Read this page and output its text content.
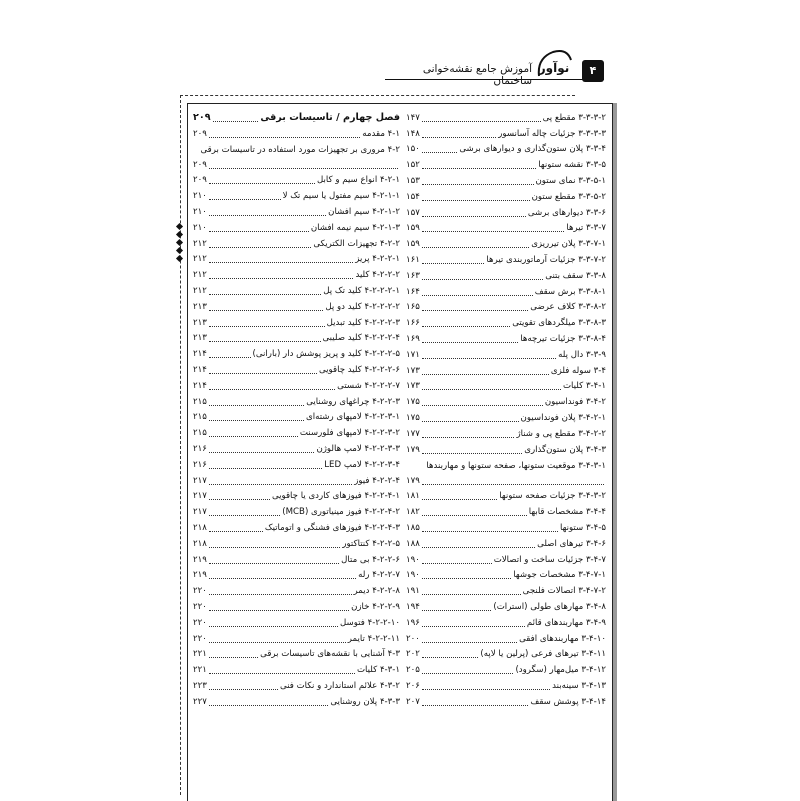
آموزش جامع نقشه‌خوانی ساختمان
نوآور	۴
۳-۳-۳-۲ مقطع پی
۱۴۷
۳-۳-۳-۳ جزئیات چاله آسانسور
۱۴۸
۳-۳-۴ پلان ستون‌گذاری و دیوارهای برشی
۱۵۰
۳-۳-۵ نقشه ستونها
۱۵۲
۳-۳-۵-۱ نمای ستون
۱۵۳
۳-۳-۵-۲ مقطع ستون
۱۵۴
۳-۳-۶ دیوارهای برشی
۱۵۷
۳-۳-۷ تیرها
۱۵۹
۳-۳-۷-۱ پلان تیرریزی
۱۵۹
۳-۳-۷-۲ جزئیات آرماتوربندی تیرها
۱۶۱
۳-۳-۸ سقف بتنی
۱۶۳
۳-۳-۸-۱ برش سقف
۱۶۴
۳-۳-۸-۲ کلاف عرضی
۱۶۵
۳-۳-۸-۳ میلگردهای تقویتی
۱۶۶
۳-۳-۸-۴ جزئیات تیرچه‌ها
۱۶۹
۳-۳-۹ دال پله
۱۷۱
۳-۴ سوله فلزی
۱۷۳
۳-۴-۱ کلیات
۱۷۳
۳-۴-۲ فونداسیون
۱۷۵
۳-۴-۲-۱ پلان فونداسیون
۱۷۵
۳-۴-۲-۲ مقطع پی و شناژ
۱۷۷
۳-۴-۳ پلان ستون‌گذاری
۱۷۹
۳-۴-۳-۱ موقعیت ستونها، صفحه ستونها و مهاربندها
۱۷۹
۳-۴-۳-۲ جزئیات صفحه ستونها
۱۸۱
۳-۴-۴ مشخصات قابها
۱۸۲
۳-۴-۵ ستونها
۱۸۵
۳-۴-۶ تیرهای اصلی
۱۸۸
۳-۴-۷ جزئیات ساخت و اتصالات
۱۹۰
۳-۴-۷-۱ مشخصات جوشها
۱۹۰
۳-۴-۷-۲ اتصالات فلنجی
۱۹۱
۳-۴-۸ مهارهای طولی (استرات)
۱۹۴
۳-۴-۹ مهاربندهای قائم
۱۹۶
۳-۴-۱۰ مهاربندهای افقی
۲۰۰
۳-۴-۱۱ تیرهای فرعی (پرلین یا لاپه)
۲۰۲
۳-۴-۱۲ میل‌مهار (سگرود)
۲۰۵
۳-۴-۱۳ سینه‌بند
۲۰۶
۳-۴-۱۴ پوشش سقف
۲۰۷
فصل چهارم / تاسیسات برقی
۲۰۹
۴-۱ مقدمه
۲۰۹
۴-۲ مروری بر تجهیزات مورد استفاده در تاسیسات برقی
۲۰۹
۴-۲-۱ انواع سیم و کابل
۲۰۹
۴-۲-۱-۱ سیم مفتول یا سیم تک لا
۲۱۰
۴-۲-۱-۲ سیم افشان
۲۱۰
۴-۲-۱-۳ سیم نیمه افشان
۲۱۰
۴-۲-۲ تجهیزات الکتریکی
۲۱۲
۴-۲-۲-۱ پریز
۲۱۲
۴-۲-۲-۲ کلید
۲۱۲
۴-۲-۲-۲-۱ کلید تک پل
۲۱۲
۴-۲-۲-۲-۲ کلید دو پل
۲۱۳
۴-۲-۲-۲-۳ کلید تبدیل
۲۱۳
۴-۲-۲-۲-۴ کلید صلیبی
۲۱۳
۴-۲-۲-۲-۵ کلید و پریز پوشش دار (بارانی)
۲۱۴
۴-۲-۲-۲-۶ کلید چاقویی
۲۱۴
۴-۲-۲-۲-۷ شستی
۲۱۴
۴-۲-۲-۳ چراغهای روشنایی
۲۱۵
۴-۲-۲-۳-۱ لامپهای رشته‌ای
۲۱۵
۴-۲-۲-۳-۲ لامپهای فلورسنت
۲۱۵
۴-۲-۲-۳-۳ لامپ هالوژن
۲۱۶
۴-۲-۲-۳-۴ لامپ LED
۲۱۶
۴-۲-۲-۴ فیوز
۲۱۷
۴-۲-۲-۴-۱ فیوزهای کاردی یا چاقویی
۲۱۷
۴-۲-۲-۴-۲ فیوز مینیاتوری (MCB)
۲۱۷
۴-۲-۲-۴-۳ فیوزهای فشنگی و اتوماتیک
۲۱۸
۴-۲-۲-۵ کنتاکتور
۲۱۸
۴-۲-۲-۶ بی متال
۲۱۹
۴-۲-۲-۷ رله
۲۱۹
۴-۲-۲-۸ دیمر
۲۲۰
۴-۲-۲-۹ خازن
۲۲۰
۴-۲-۲-۱۰ فتوسل
۲۲۰
۴-۲-۲-۱۱ تایمر
۲۲۰
۴-۳ آشنایی با نقشه‌های تاسیسات برقی
۲۲۱
۴-۳-۱ کلیات
۲۲۱
۴-۳-۲ علائم استاندارد و نکات فنی
۲۲۳
۴-۳-۳ پلان روشنایی
۲۲۷
